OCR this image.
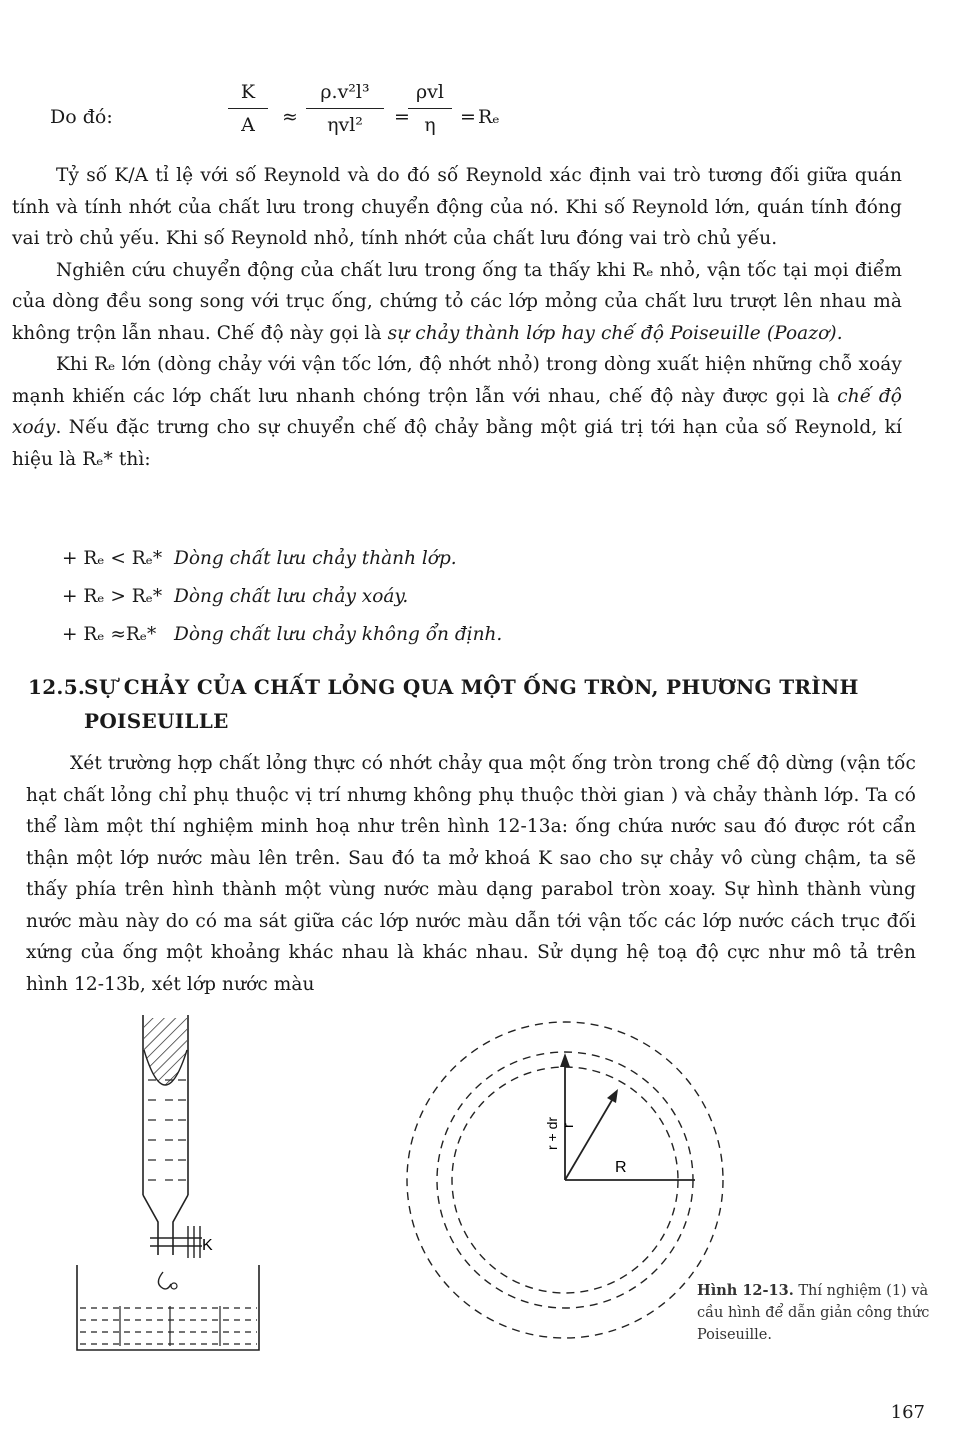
Do đó:
K
A	≈
ρ.v²l³
ηvl²	=
ρvl
η	= Rₑ

Tỷ số K/A tỉ lệ với số Reynold và do đó số Reynold xác định vai trò tương đối giữa quán tính và tính nhớt của chất lưu trong chuyển động của nó. Khi số Reynold lớn, quán tính đóng vai trò chủ yếu. Khi số Reynold nhỏ, tính nhớt của chất lưu đóng vai trò chủ yếu.

Nghiên cứu chuyển động của chất lưu trong ống ta thấy khi Rₑ nhỏ, vận tốc tại mọi điểm của dòng đều song song với trục ống, chứng tỏ các lớp mỏng của chất lưu trượt lên nhau mà không trộn lẫn nhau. Chế độ này gọi là sự chảy thành lớp hay chế độ Poiseuille (Poazơ).

Khi Rₑ lớn (dòng chảy với vận tốc lớn, độ nhớt nhỏ) trong dòng xuất hiện những chỗ xoáy mạnh khiến các lớp chất lưu nhanh chóng trộn lẫn với nhau, chế độ này được gọi là chế độ xoáy. Nếu đặc trưng cho sự chuyển chế độ chảy bằng một giá trị tới hạn của số Reynold, kí hiệu là Rₑ* thì:

+ Rₑ < Rₑ* Dòng chất lưu chảy thành lớp.
+ Rₑ > Rₑ* Dòng chất lưu chảy xoáy.
+ Rₑ ≈Rₑ* Dòng chất lưu chảy không ổn định.
12.5.SỰ CHẢY CỦA CHẤT LỎNG QUA MỘT ỐNG TRÒN, PHƯƠNG TRÌNH
POISEUILLE

Xét trường hợp chất lỏng thực có nhớt chảy qua một ống tròn trong chế độ dừng (vận tốc hạt chất lỏng chỉ phụ thuộc vị trí nhưng không phụ thuộc thời gian ) và chảy thành lớp. Ta có thể làm một thí nghiệm minh hoạ như trên hình 12-13a: ống chứa nước sau đó được rót cẩn thận một lớp nước màu lên trên. Sau đó ta mở khoá K sao cho sự chảy vô cùng chậm, ta sẽ thấy phía trên hình thành một vùng nước màu dạng parabol tròn xoay. Sự hình thành vùng nước màu này do có ma sát giữa các lớp nước màu dẫn tới vận tốc các lớp nước cách trục đối xứng của ống một khoảng khác nhau là khác nhau. Sử dụng hệ toạ độ cực như mô tả trên hình 12-13b, xét lớp nước màu

K
r
R
r + dr
Hình 12-13. Thí nghiệm (1) và cầu hình để dẫn giản công thức Poiseuille.
167
